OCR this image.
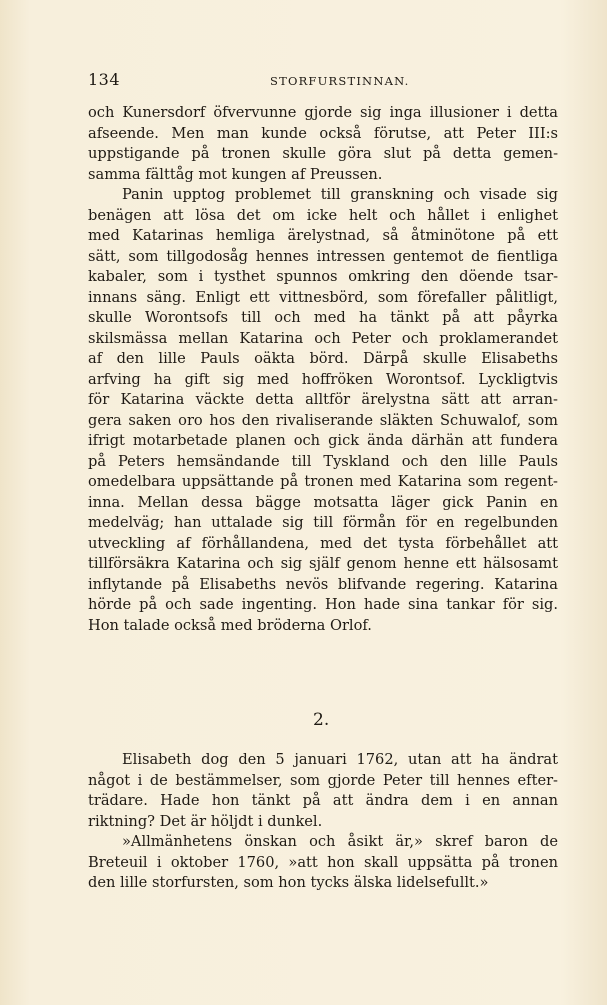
134	STORFURSTINNAN.
och Kunersdorf öfvervunne gjorde sig inga illusioner i detta
afseende. Men man kunde också förutse, att Peter III:s
uppstigande på tronen skulle göra slut på detta gemen-
samma fälttåg mot kungen af Preussen.
Panin upptog problemet till granskning och visade sig
benägen att lösa det om icke helt och hållet i enlighet
med Katarinas hemliga ärelystnad, så åtminötone på ett
sätt, som tillgodosåg hennes intressen gentemot de fientliga
kabaler, som i tysthet spunnos omkring den döende tsar-
innans säng. Enligt ett vittnesbörd, som förefaller pålitligt,
skulle Worontsofs till och med ha tänkt på att påyrka
skilsmässa mellan Katarina och Peter och proklamerandet
af den lille Pauls oäkta börd. Därpå skulle Elisabeths
arfving ha gift sig med hoffröken Worontsof. Lyckligtvis
för Katarina väckte detta alltför ärelystna sätt att arran-
gera saken oro hos den rivaliserande släkten Schuwalof, som
ifrigt motarbetade planen och gick ända därhän att fundera
på Peters hemsändande till Tyskland och den lille Pauls
omedelbara uppsättande på tronen med Katarina som regent-
inna. Mellan dessa bägge motsatta läger gick Panin en
medelväg; han uttalade sig till förmån för en regelbunden
utveckling af förhållandena, med det tysta förbehållet att
tillförsäkra Katarina och sig själf genom henne ett hälsosamt
inflytande på Elisabeths nevös blifvande regering. Katarina
hörde på och sade ingenting. Hon hade sina tankar för sig.
Hon talade också med bröderna Orlof.
2.
Elisabeth dog den 5 januari 1762, utan att ha ändrat
något i de bestämmelser, som gjorde Peter till hennes efter-
trädare. Hade hon tänkt på att ändra dem i en annan
riktning? Det är höljdt i dunkel.
»Allmänhetens önskan och åsikt är,» skref baron de
Breteuil i oktober 1760, »att hon skall uppsätta på tronen
den lille storfursten, som hon tycks älska lidelsefullt.»
